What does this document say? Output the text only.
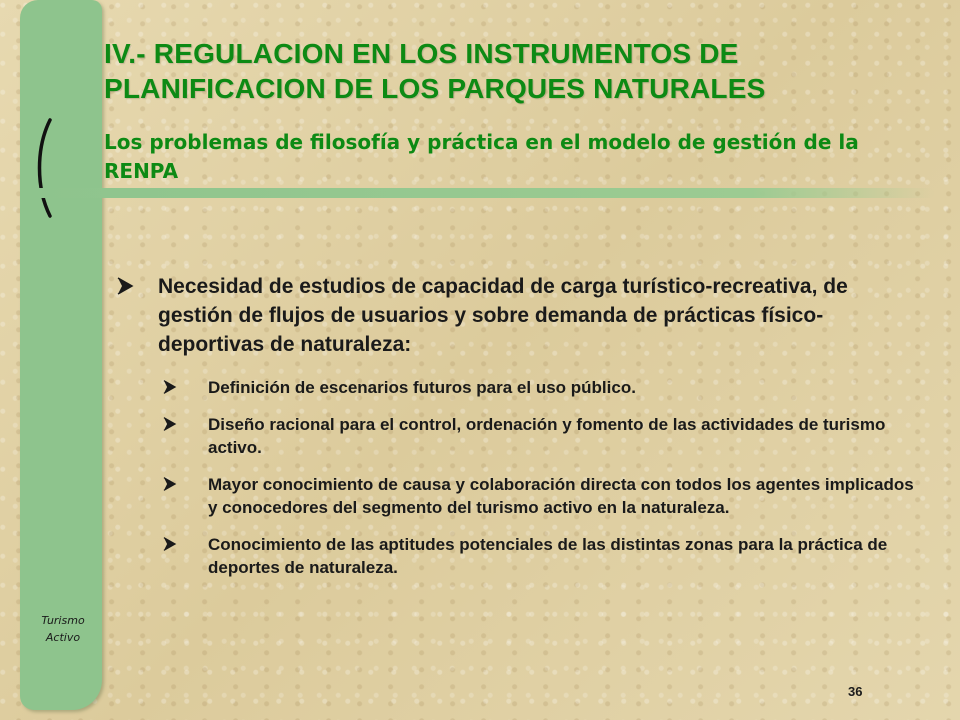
IV.- REGULACION EN LOS INSTRUMENTOS DE PLANIFICACION DE LOS PARQUES NATURALES
Los problemas de filosofía y práctica en el modelo de gestión de la RENPA
Turismo
Activo
Necesidad de estudios de capacidad de carga turístico-recreativa, de gestión de flujos de usuarios y sobre demanda de prácticas físico-deportivas de naturaleza:
Definición de escenarios futuros para el uso público.
Diseño racional para el control, ordenación y fomento de las actividades de turismo activo.
Mayor conocimiento de causa y colaboración directa con todos los agentes implicados y conocedores del segmento del turismo activo en la naturaleza.
Conocimiento de las aptitudes potenciales de las distintas zonas para la práctica de deportes de naturaleza.
36
